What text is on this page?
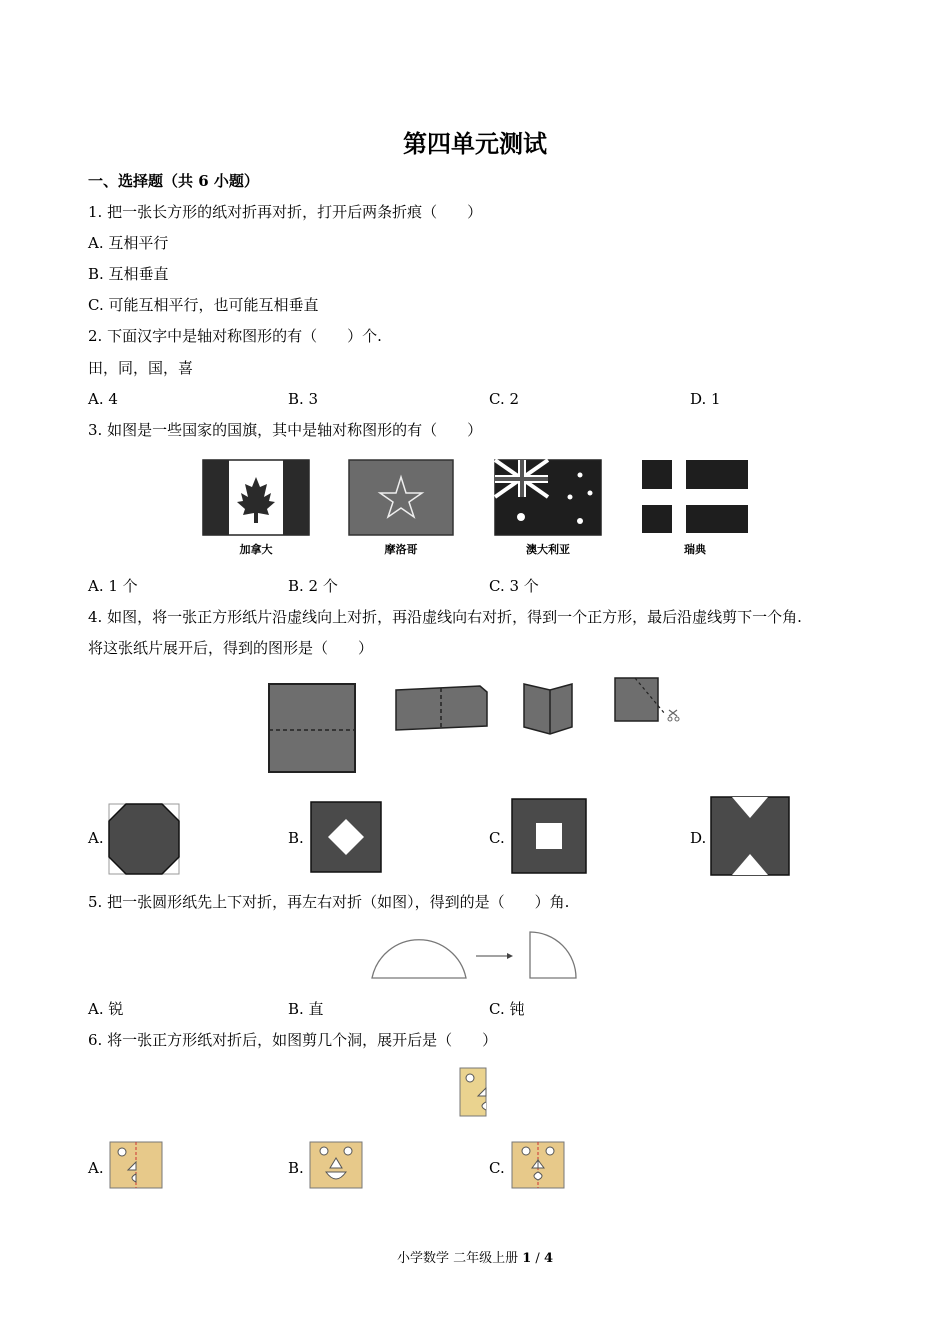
第四单元测试
一、选择题（共 6 小题）
1. 把一张长方形的纸对折再对折，打开后两条折痕（　　）
A. 互相平行
B. 互相垂直
C. 可能互相平行，也可能互相垂直
2. 下面汉字中是轴对称图形的有（　　）个.
田，同，国，喜
A. 4	B. 3	C. 2	D. 1
3. 如图是一些国家的国旗，其中是轴对称图形的有（　　）
加拿大	摩洛哥	澳大利亚	瑞典
A. 1 个	B. 2 个	C. 3 个
4. 如图，将一张正方形纸片沿虚线向上对折，再沿虚线向右对折，得到一个正方形，最后沿虚线剪下一个角.
将这张纸片展开后，得到的图形是（　　）
A.	B.	C.	D.
5. 把一张圆形纸先上下对折，再左右对折（如图），得到的是（　　）角.
A. 锐	B. 直	C. 钝
6. 将一张正方形纸对折后，如图剪几个洞，展开后是（　　）
A.	B.	C.
小学数学 二年级上册 1 / 4
